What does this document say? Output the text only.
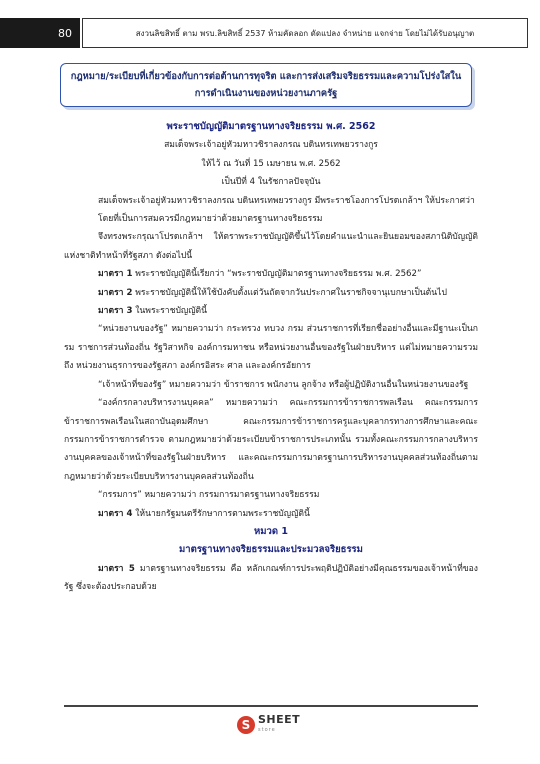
80	สงวนลิขสิทธิ์ ตาม พรบ.ลิขสิทธิ์ 2537 ห้ามคัดลอก ดัดแปลง จำหน่าย แจกจ่าย โดยไม่ได้รับอนุญาต
กฎหมาย/ระเบียบที่เกี่ยวข้องกับการต่อต้านการทุจริต และการส่งเสริมจริยธรรมและความโปร่งใสใน
การดำเนินงานของหน่วยงานภาครัฐ

พระราชบัญญัติมาตรฐานทางจริยธรรม พ.ศ. 2562

สมเด็จพระเจ้าอยู่หัวมหาวชิราลงกรณ บดินทรเทพยวรางกูร

ให้ไว้ ณ วันที่ 15 เมษายน พ.ศ. 2562

เป็นปีที่ 4 ในรัชกาลปัจจุบัน

สมเด็จพระเจ้าอยู่หัวมหาวชิราลงกรณ บดินทรเทพยวรางกูร มีพระราชโองการโปรดเกล้าฯ ให้ประกาศว่า

โดยที่เป็นการสมควรมีกฎหมายว่าด้วยมาตรฐานทางจริยธรรม

จึงทรงพระกรุณาโปรดเกล้าฯ ให้ตราพระราชบัญญัติขึ้นไว้โดยคำแนะนำและยินยอมของสภานิติบัญญัติแห่งชาติทำหน้าที่รัฐสภา ดังต่อไปนี้

มาตรา 1 พระราชบัญญัตินี้เรียกว่า “พระราชบัญญัติมาตรฐานทางจริยธรรม พ.ศ. 2562”

มาตรา 2 พระราชบัญญัตินี้ให้ใช้บังคับตั้งแต่วันถัดจากวันประกาศในราชกิจจานุเบกษาเป็นต้นไป

มาตรา 3 ในพระราชบัญญัตินี้

“หน่วยงานของรัฐ” หมายความว่า กระทรวง ทบวง กรม ส่วนราชการที่เรียกชื่ออย่างอื่นและมีฐานะเป็นกรม ราชการส่วนท้องถิ่น รัฐวิสาหกิจ องค์การมหาชน หรือหน่วยงานอื่นของรัฐในฝ่ายบริหาร แต่ไม่หมายความรวมถึง หน่วยงานธุรการของรัฐสภา องค์กรอิสระ ศาล และองค์กรอัยการ

“เจ้าหน้าที่ของรัฐ” หมายความว่า ข้าราชการ พนักงาน ลูกจ้าง หรือผู้ปฏิบัติงานอื่นในหน่วยงานของรัฐ

“องค์กรกลางบริหารงานบุคคล” หมายความว่า คณะกรรมการข้าราชการพลเรือน คณะกรรมการข้าราชการพลเรือนในสถาบันอุดมศึกษา คณะกรรมการข้าราชการครูและบุคลากรทางการศึกษาและคณะกรรมการข้าราชการตำรวจ ตามกฎหมายว่าด้วยระเบียบข้าราชการประเภทนั้น รวมทั้งคณะกรรมการกลางบริหารงานบุคคลของเจ้าหน้าที่ของรัฐในฝ่ายบริหาร และคณะกรรมการมาตรฐานการบริหารงานบุคคลส่วนท้องถิ่นตามกฎหมายว่าด้วยระเบียบบริหารงานบุคคลส่วนท้องถิ่น

“กรรมการ” หมายความว่า กรรมการมาตรฐานทางจริยธรรม

มาตรา 4 ให้นายกรัฐมนตรีรักษาการตามพระราชบัญญัตินี้

หมวด 1

มาตรฐานทางจริยธรรมและประมวลจริยธรรม

มาตรา 5 มาตรฐานทางจริยธรรม คือ หลักเกณฑ์การประพฤติปฏิบัติอย่างมีคุณธรรมของเจ้าหน้าที่ของรัฐ ซึ่งจะต้องประกอบด้วย

S SHEET
store
